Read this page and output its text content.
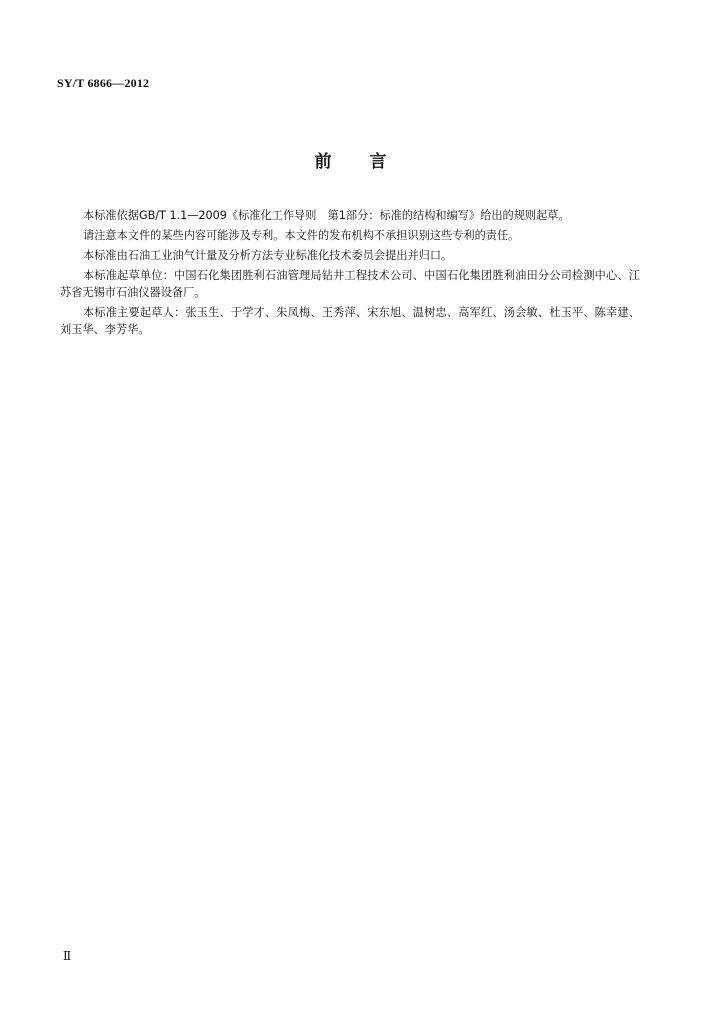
SY/T 6866—2012
前言

本标准依据GB/T 1.1—2009《标准化工作导则　第1部分：标准的结构和编写》给出的规则起草。

请注意本文件的某些内容可能涉及专利。本文件的发布机构不承担识别这些专利的责任。

本标准由石油工业油气计量及分析方法专业标准化技术委员会提出并归口。

本标准起草单位：中国石化集团胜利石油管理局钻井工程技术公司、中国石化集团胜利油田分公司检测中心、江苏省无锡市石油仪器设备厂。

本标准主要起草人：张玉生、于学才、朱凤梅、王秀萍、宋东旭、温树忠、高军红、汤会敏、杜玉平、陈幸建、刘玉华、李芳华。

Ⅱ
